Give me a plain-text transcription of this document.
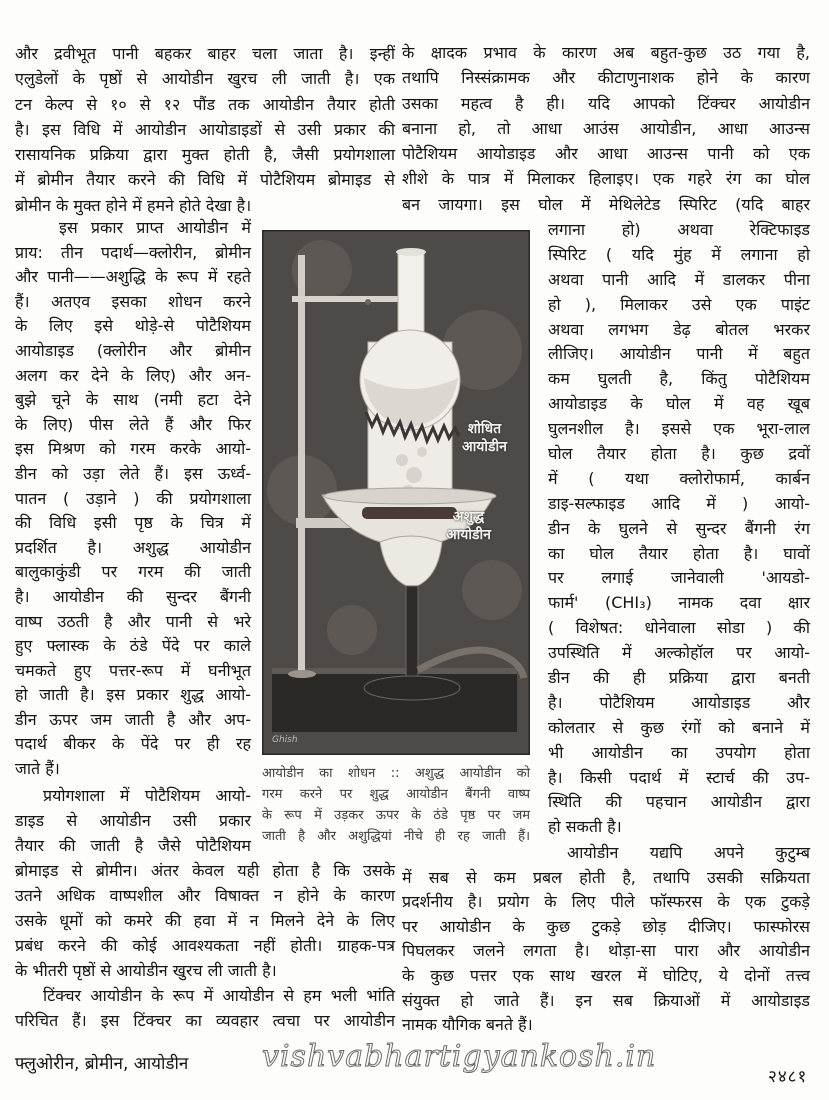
और द्रवीभूत पानी बहकर बाहर चला जाता है। इन्हीं
एलुडेलों के पृष्ठों से आयोडीन खुरच ली जाती है। एक
टन केल्प से १० से १२ पौंड तक आयोडीन तैयार होती
है। इस विधि में आयोडीन आयोडाइडों से उसी प्रकार की
रासायनिक प्रक्रिया द्वारा मुक्त होती है, जैसी प्रयोगशाला
में ब्रोमीन तैयार करने की विधि में पोटैशियम ब्रोमाइड से
ब्रोमीन के मुक्त होने में हमने होते देखा है।
इस प्रकार प्राप्त आयोडीन में
प्राय: तीन पदार्थ—क्लोरीन, ब्रोमीन
और पानी——अशुद्धि के रूप में रहते
हैं। अतएव इसका शोधन करने
के लिए इसे थोड़े-से पोटैशियम
आयोडाइड (क्लोरीन और ब्रोमीन
अलग कर देने के लिए) और अन-
बुझे चूने के साथ (नमी हटा देने
के लिए) पीस लेते हैं और फिर
इस मिश्रण को गरम करके आयो-
डीन को उड़ा लेते हैं। इस ऊर्ध्व-
पातन ( उड़ाने ) की प्रयोगशाला
की विधि इसी पृष्ठ के चित्र में
प्रदर्शित है। अशुद्ध आयोडीन
बालुकाकुंडी पर गरम की जाती
है। आयोडीन की सुन्दर बैंगनी
वाष्प उठती है और पानी से भरे
हुए फ्लास्क के ठंडे पेंदे पर काले
चमकते हुए पत्तर-रूप में घनीभूत
हो जाती है। इस प्रकार शुद्ध आयो-
डीन ऊपर जम जाती है और अप-
पदार्थ बीकर के पेंदे पर ही रह
जाते हैं।
प्रयोगशाला में पोटैशियम आयो-
डाइड से आयोडीन उसी प्रकार
तैयार की जाती है जैसे पोटैशियम
ब्रोमाइड से ब्रोमीन। अंतर केवल यही होता है कि उसके
उतने अधिक वाष्पशील और विषाक्त न होने के कारण
उसके धूमों को कमरे की हवा में न मिलने देने के लिए
प्रबंध करने की कोई आवश्यकता नहीं होती। ग्राहक-पत्र
के भीतरी पृष्ठों से आयोडीन खुरच ली जाती है।
टिंक्चर आयोडीन के रूप में आयोडीन से हम भली भांति
परिचित हैं। इस टिंक्चर का व्यवहार त्वचा पर आयोडीन
के क्षादक प्रभाव के कारण अब बहुत-कुछ उठ गया है,
तथापि निस्संक्रामक और कीटाणुनाशक होने के कारण
उसका महत्व है ही। यदि आपको टिंक्चर आयोडीन
बनाना हो, तो आधा आउंस आयोडीन, आधा आउन्स
पोटैशियम आयोडाइड और आधा आउन्स पानी को एक
शीशे के पात्र में मिलाकर हिलाइए। एक गहरे रंग का घोल
बन जायगा। इस घोल में मेथिलेटेड स्पिरिट (यदि बाहर
लगाना हो) अथवा रेक्टिफाइड
स्पिरिट ( यदि मुंह में लगाना हो
अथवा पानी आदि में डालकर पीना
हो ), मिलाकर उसे एक पाइंट
अथवा लगभग डेढ़ बोतल भरकर
लीजिए। आयोडीन पानी में बहुत
कम घुलती है, किंतु पोटैशियम
आयोडाइड के घोल में वह खूब
घुलनशील है। इससे एक भूरा-लाल
घोल तैयार होता है। कुछ द्रवों
में ( यथा क्लोरोफार्म, कार्बन
डाइ-सल्फाइड आदि में ) आयो-
डीन के घुलने से सुन्दर बैंगनी रंग
का घोल तैयार होता है। घावों
पर लगाई जानेवाली 'आयडो-
फार्म' (CHI₃) नामक दवा क्षार
( विशेषत: धोनेवाला सोडा ) की
उपस्थिति में अल्कोहॉल पर आयो-
डीन की ही प्रक्रिया द्वारा बनती
है। पोटैशियम आयोडाइड और
कोलतार से कुछ रंगों को बनाने में
भी आयोडीन का उपयोग होता
है। किसी पदार्थ में स्टार्च की उप-
स्थिति की पहचान आयोडीन द्वारा
हो सकती है।
आयोडीन यद्यपि अपने कुटुम्ब
में सब से कम प्रबल होती है, तथापि उसकी सक्रियता
प्रदर्शनीय है। प्रयोग के लिए पीले फॉस्फरस के एक टुकड़े
पर आयोडीन के कुछ टुकड़े छोड़ दीजिए। फास्फोरस
पिघलकर जलने लगता है। थोड़ा-सा पारा और आयोडीन
के कुछ पत्तर एक साथ खरल में घोटिए, ये दोनों तत्त्व
संयुक्त हो जाते हैं। इन सब क्रियाओं में आयोडाइड
नामक यौगिक बनते हैं।
शोधित
आयोडीन
अशुद्ध
आयोडीन
Ghish
आयोडीन का शोधन :: अशुद्ध आयोडीन को
गरम करने पर शुद्ध आयोडीन बैंगनी वाष्प
के रूप में उड़कर ऊपर के ठंडे पृष्ठ पर जम
जाती है और अशुद्धियां नीचे ही रह जाती हैं।
फ्लुओरीन, ब्रोमीन, आयोडीन
२४८१
vishvabhartigyankosh.in
